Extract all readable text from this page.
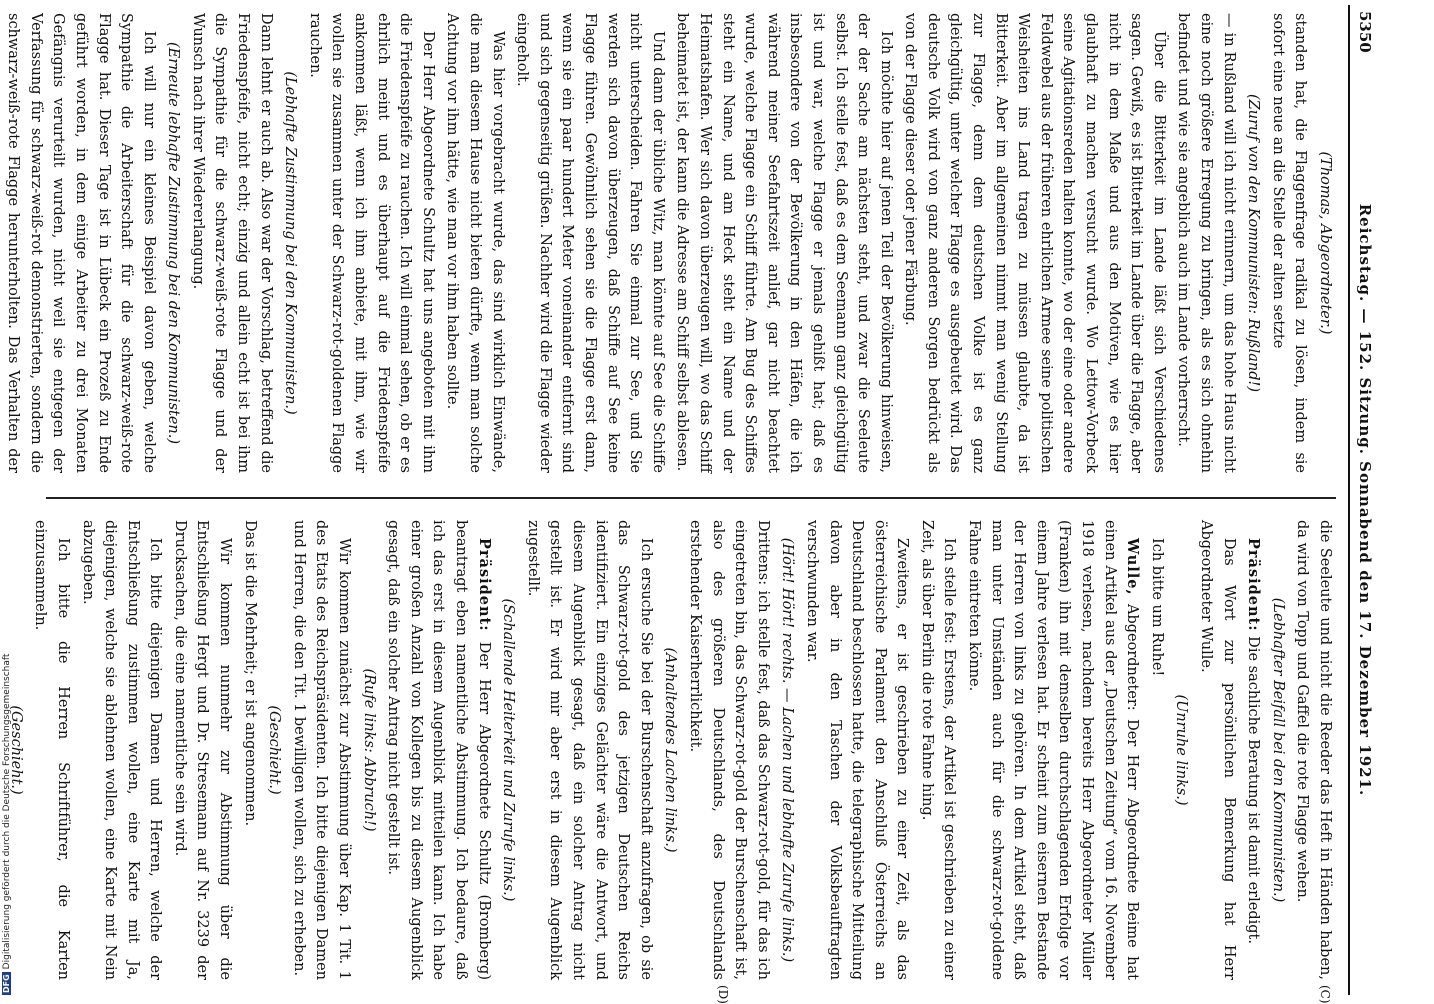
5350
Reichstag. — 152. Sitzung. Sonnabend den 17. Dezember 1921.
(C)
(D)

(Thomas, Abgeordneter.)

standen hat, die Flaggenfrage radikal zu lösen, indem sie sofort eine neue an die Stelle der alten setzte

(Zuruf von den Kommunisten: Rußland!)

— in Rußland will ich nicht erinnern, um das hohe Haus nicht eine noch größere Erregung zu bringen, als es sich ohnehin befindet und wie sie angeblich auch im Lande vorherrscht.

Über die Bitterkeit im Lande läßt sich Verschiedenes sagen. Gewiß, es ist Bitterkeit im Lande über die Flagge, aber nicht in dem Maße und aus den Motiven, wie es hier glaubhaft zu machen versucht wurde. Wo Lettow-Vorbeck seine Agitationsreden halten konnte, wo der eine oder andere Feldwebel aus der früheren ehrlichen Armee seine politischen Weisheiten ins Land tragen zu müssen glaubte, da ist Bitterkeit. Aber im allgemeinen nimmt man wenig Stellung zur Flagge, denn dem deutschen Volke ist es ganz gleichgültig, unter welcher Flagge es ausgebeutet wird. Das deutsche Volk wird von ganz anderen Sorgen bedrückt als von der Flagge dieser oder jener Färbung.

Ich möchte hier auf jenen Teil der Bevölkerung hinweisen, der der Sache am nächsten steht, und zwar die Seeleute selbst. Ich stelle fest, daß es dem Seemann ganz gleichgültig ist und war, welche Flagge er jemals gehißt hat; daß es insbesondere von der Bevölkerung in den Häfen, die ich während meiner Seefahrtszeit anlief, gar nicht beachtet wurde, welche Flagge ein Schiff führte. Am Bug des Schiffes steht ein Name, und am Heck steht ein Name und der Heimatshafen. Wer sich davon überzeugen will, wo das Schiff beheimatet ist, der kann die Adresse am Schiff selbst ablesen.

Und dann der übliche Witz, man könnte auf See die Schiffe nicht unterscheiden. Fahren Sie einmal zur See, und Sie werden sich davon überzeugen, daß Schiffe auf See keine Flagge führen. Gewöhnlich sehen sie die Flagge erst dann, wenn sie ein paar hundert Meter voneinander entfernt sind und sich gegenseitig grüßen. Nachher wird die Flagge wieder eingeholt.

Was hier vorgebracht wurde, das sind wirklich Einwände, die man diesem Hause nicht bieten dürfte, wenn man solche Achtung vor ihm hätte, wie man vor ihm haben sollte.

Der Herr Abgeordnete Schultz hat uns angeboten mit ihm die Friedenspfeife zu rauchen. Ich will einmal sehen, ob er es ehrlich meint und es überhaupt auf die Friedenspfeife ankommen läßt, wenn ich ihm anbiete, mit ihm, wie wir wollen sie zusammen unter der Schwarz-rot-goldenen Flagge rauchen.

(Lebhafte Zustimmung bei den Kommunisten.)

Dann lehnt er auch ab. Also war der Vorschlag, betreffend die Friedenspfeife, nicht echt; einzig und allein echt ist bei ihm die Sympathie für die schwarz-weiß-rote Flagge und der Wunsch nach ihrer Wiedererlangung.

(Erneute lebhafte Zustimmung bei den Kommunisten.)

Ich will nur ein kleines Beispiel davon geben, welche Sympathie die Arbeiterschaft für die schwarz-weiß-rote Flagge hat. Dieser Tage ist in Lübeck ein Prozeß zu Ende geführt worden, in dem einige Arbeiter zu drei Monaten Gefängnis verurteilt wurden, nicht weil sie entgegen der Verfassung für schwarz-weiß-rot demonstrierten, sondern die schwarz-weiß-rote Flagge herunterholten. Das Verhalten der

die Seeleute und nicht die Reeder das Heft in Händen haben, da wird von Topp und Gaffel die rote Flagge wehen.

(Lebhafter Beifall bei den Kommunisten.)

Präsident: Die sachliche Beratung ist damit erledigt.

Das Wort zur persönlichen Bemerkung hat Herr Abgeordneter Wulle.

(Unruhe links.)

Ich bitte um Ruhe!

Wulle, Abgeordneter: Der Herr Abgeordnete Beime hat einen Artikel aus der „Deutschen Zeitung“ vom 16. November 1918 verlesen, nachdem bereits Herr Abgeordneter Müller (Franken) ihn mit demselben durchschlagenden Erfolge vor einem Jahre verlesen hat. Er scheint zum eisernen Bestande der Herren von links zu gehören. In dem Artikel steht, daß man unter Umständen auch für die schwarz-rot-goldene Fahne eintreten könne.

Ich stelle fest: Erstens, der Artikel ist geschrieben zu einer Zeit, als über Berlin die rote Fahne hing.

Zweitens, er ist geschrieben zu einer Zeit, als das österreichische Parlament den Anschluß Österreichs an Deutschland beschlossen hatte, die telegraphische Mitteilung davon aber in den Taschen der Volksbeauftragten verschwunden war.

(Hört! Hört! rechts. — Lachen und lebhafte Zurufe links.)

Drittens: ich stelle fest, daß das Schwarz-rot-gold, für das ich eingetreten bin, das Schwarz-rot-gold der Burschenschaft ist, also des größeren Deutschlands, des Deutschlands erstehender Kaiserherrlichkeit.

(Anhaltendes Lachen links.)

Ich ersuche Sie bei der Burschenschaft anzufragen, ob sie das Schwarz-rot-gold des jetzigen Deutschen Reichs identifiziert. Ein einziges Gelächter wäre die Antwort, und diesem Augenblick gesagt, daß ein solcher Antrag nicht gestellt ist. Er wird mir aber erst in diesem Augenblick zugestellt.

(Schallende Heiterkeit und Zurufe links.)

Präsident: Der Herr Abgeordnete Schultz (Bromberg) beantragt eben namentliche Abstimmung. Ich bedaure, daß ich das erst in diesem Augenblick mitteilen kann. Ich habe einer großen Anzahl von Kollegen bis zu diesem Augenblick gesagt, daß ein solcher Antrag nicht gestellt ist.

(Rufe links: Abbruch!)

Wir kommen zunächst zur Abstimmung über Kap. 1 Tit. 1 des Etats des Reichspräsidenten. Ich bitte diejenigen Damen und Herren, die den Tit. 1 bewilligen wollen, sich zu erheben.

(Geschieht.)

Das ist die Mehrheit; er ist angenommen.

Wir kommen nunmehr zur Abstimmung über die Entschließung Hergt und Dr. Stresemann auf Nr. 3239 der Drucksachen, die eine namentliche sein wird.

Ich bitte diejenigen Damen und Herren, welche der Entschließung zustimmen wollen, eine Karte mit Ja, diejenigen, welche sie ablehnen wollen, eine Karte mit Nein abzugeben.

Ich bitte die Herren Schriftführer, die Karten einzusammeln.

(Geschieht.)

DFGDigitalisierung gefördert durch die Deutsche Forschungsgemeinschaft
